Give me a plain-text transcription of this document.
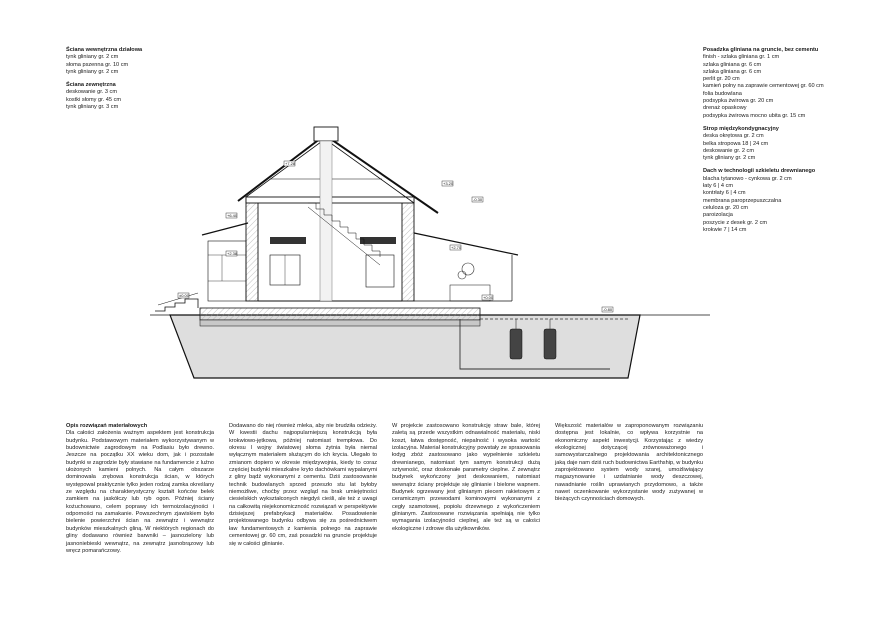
Ściana wewnętrzna działowa
tynk gliniany gr. 2 cm
słoma pszenna gr. 10 cm
tynk gliniany gr. 2 cm
Ściana zewnętrzna
deskowanie gr. 3 cm
kostki słomy gr. 45 cm
tynk gliniany gr. 3 cm
Posadzka gliniana na gruncie, bez cementu
finish - szlaka gliniana gr. 1 cm
szlaka gliniana gr. 6 cm
szlaka gliniana gr. 6 cm
perlit gr. 20 cm
kamień polny na zaprawie cementowej gr. 60 cm
folia budowlana
podsypka żwirowa gr. 20 cm
drenaż opaskowy
podsypka żwirowa mocno ubita gr. 15 cm
Strop międzykondygnacyjny
deska okrętowa gr. 2 cm
belka stropowa 18 | 24 cm
deskowanie gr. 2 cm
tynk gliniany gr. 2 cm
Dach w technologii szkieletu drewnianego
blacha tytanowo - cynkowa gr. 2 cm
łaty 6 | 4 cm
kontrłaty 6 | 4 cm
membrana paroprzepuszczalna
celuloza gr. 20 cm
paroizolacja
poszycie z desek gr. 2 cm
krokwie 7 | 14 cm
+7.28
+6.40
+3.20
+2.38
±0.00
-0.30
+2.70
+0.00
-0.80

Opis rozwiązań materiałowych

Dla całości założenia ważnym aspektem jest konstrukcja budynku. Podstawowym materiałem wykorzystywanym w budownictwie zagrodowym na Podlasiu było drewno. Jeszcze na początku XX wieku dom, jak i pozostałe budynki w zagrodzie były stawiane na fundamencie z luźno ułożonych kamieni polnych. Na całym obszarze dominowała zrębowa konstrukcja ścian, w których występował praktycznie tylko jeden rodzaj zamka określany ze względu na charakterystyczny kształt końców belek zamkiem na jaskółczy lub ryb ogon. Później ściany kożuchowano, celem poprawy ich termoizolacyjności i odporności na zamakanie. Powszechnym zjawiskiem było bielenie powierzchni ścian na zewnątrz i wewnątrz budynków mieszkalnych gliną. W niektórych regionach do gliny dodawano również barwniki – jasnozielony lub jasnoniebieski wewnątrz, na zewnątrz jasnobrązowy lub wręcz pomarańczowy.

Dodawano do niej również mleka, aby nie brudziła odzieży. W kwestii dachu najpopularniejszą konstrukcją była krokwiowo-jętkowa, później natomiast trempłowa. Do okresu I wojny światowej słoma żytnia była niemal wyłącznym materiałem służącym do ich krycia. Ulegało to zmianom dopiero w okresie międzywojnia, kiedy to coraz częściej budynki mieszkalne kryto dachówkami wypalanymi z gliny bądź wykonanymi z cementu. Dziś zastosowanie technik budowlanych sprzed przeszło stu lat byłoby niemożliwe, choćby przez wzgląd na brak umiejętności ciesielskich wykształconych niegdyś cieśli, ale też z uwagi na całkowitą niejekonomiczność rozwiązań w perspektywie dzisiejszej prefabrykacji materiałów. Posadowienie projektowanego budynku odbywa się za pośrednictwem ław fundamentowych z kamienia polnego na zaprawie cementowej gr. 60 cm, zaś posadzki na gruncie projektuje się w całości glinianie.

W projekcie zastosowano konstrukcję straw bale, której zaletą są przede wszystkim odnawialność materiału, niski koszt, łatwa dostępność, niepalność i wysoka wartość izolacyjna. Materiał konstrukcyjny powstały ze sprasowania łodyg zbóż zastosowano jako wypełnienie szkieletu drewnianego, natomiast tym samym konstrukcji dużą sztywność, oraz doskonałe parametry cieplne. Z zewnątrz budynek wykończony jest deskowaniem, natomiast wewnątrz ściany projektuje się glinianie i bielone wapnem. Budynek ogrzewany jest glinianym piecem rakietowym z ceramicznym przewodami kominowymi wykonanymi z cegły szamotowej, popiołu drzewnego z wykończeniem glinianym. Zastosowane rozwiązania spełniają nie tylko wymagania izolacyjności cieplnej, ale też są w całości ekologiczne i zdrowe dla użytkowników.

Większość materiałów w zaproponowanym rozwiązaniu dostępna jest lokalnie, co wpływa korzystnie na ekonomiczny aspekt inwestycji. Korzystając z wiedzy ekologicznej dotyczącej zrównoważonego i samowystarczalnego projektowania architektonicznego jaką daje nam dziś ruch budownictwa Earthship, w budynku zaprojektowano system wody szarej, umożliwiający magazynowanie i uzdatnianie wody deszczowej, nawadnianie roślin uprawianych przydomowo, a także nawet oczenkowanie wykorzystanie wody zużywanej w bieżących czynnościach domowych.
